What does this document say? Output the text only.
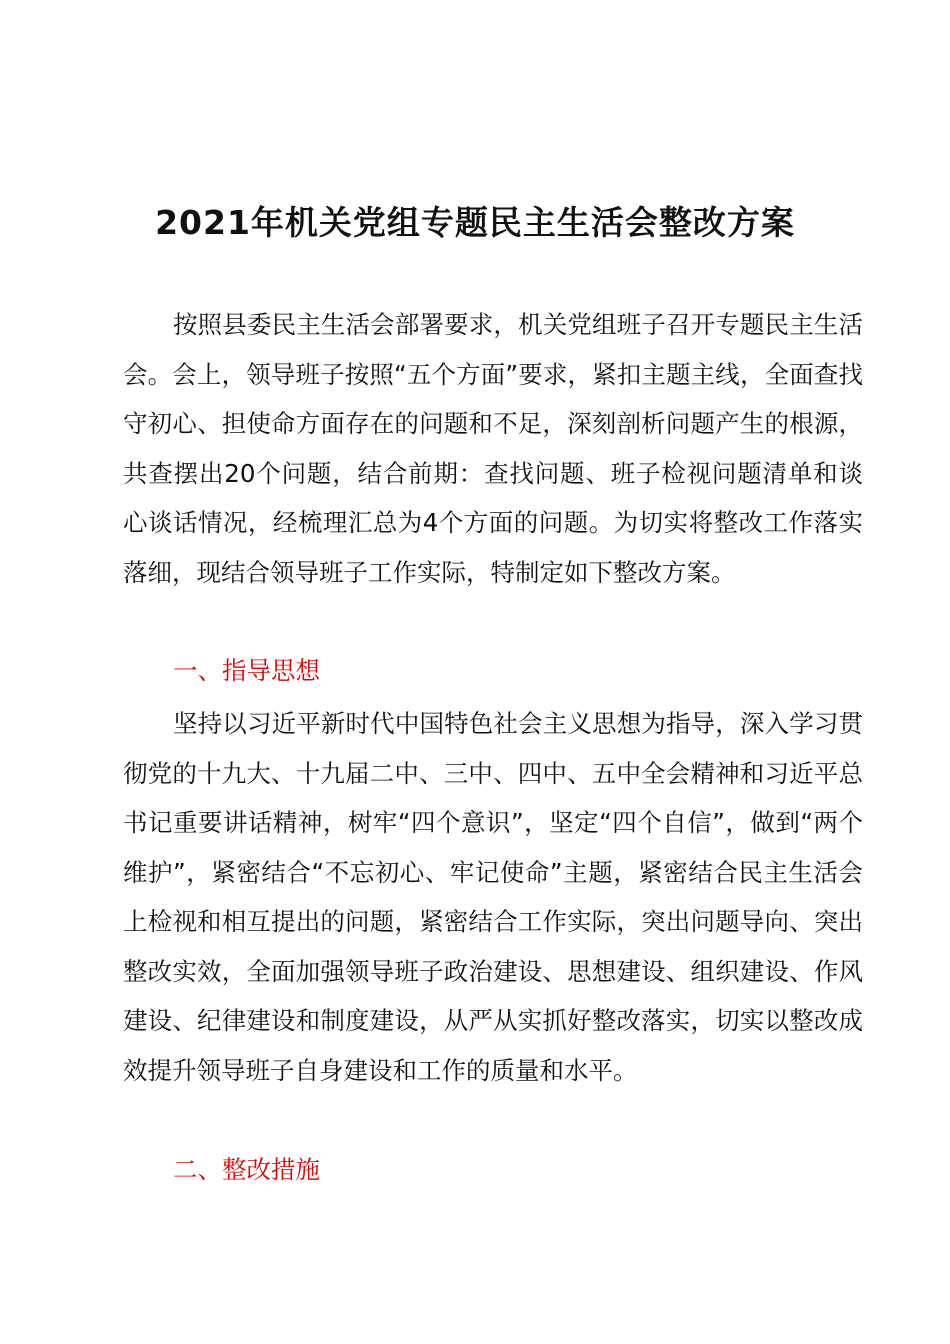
2021年机关党组专题民主生活会整改方案

按照县委民主生活会部署要求，机关党组班子召开专题民主生活会。会上，领导班子按照“五个方面”要求，紧扣主题主线，全面查找守初心、担使命方面存在的问题和不足，深刻剖析问题产生的根源，共查摆出20个问题，结合前期：查找问题、班子检视问题清单和谈心谈话情况，经梳理汇总为4个方面的问题。为切实将整改工作落实落细，现结合领导班子工作实际，特制定如下整改方案。

一、指导思想

坚持以习近平新时代中国特色社会主义思想为指导，深入学习贯彻党的十九大、十九届二中、三中、四中、五中全会精神和习近平总书记重要讲话精神，树牢“四个意识”，坚定“四个自信”，做到“两个维护”，紧密结合“不忘初心、牢记使命”主题，紧密结合民主生活会上检视和相互提出的问题，紧密结合工作实际，突出问题导向、突出整改实效，全面加强领导班子政治建设、思想建设、组织建设、作风建设、纪律建设和制度建设，从严从实抓好整改落实，切实以整改成效提升领导班子自身建设和工作的质量和水平。

二、整改措施
